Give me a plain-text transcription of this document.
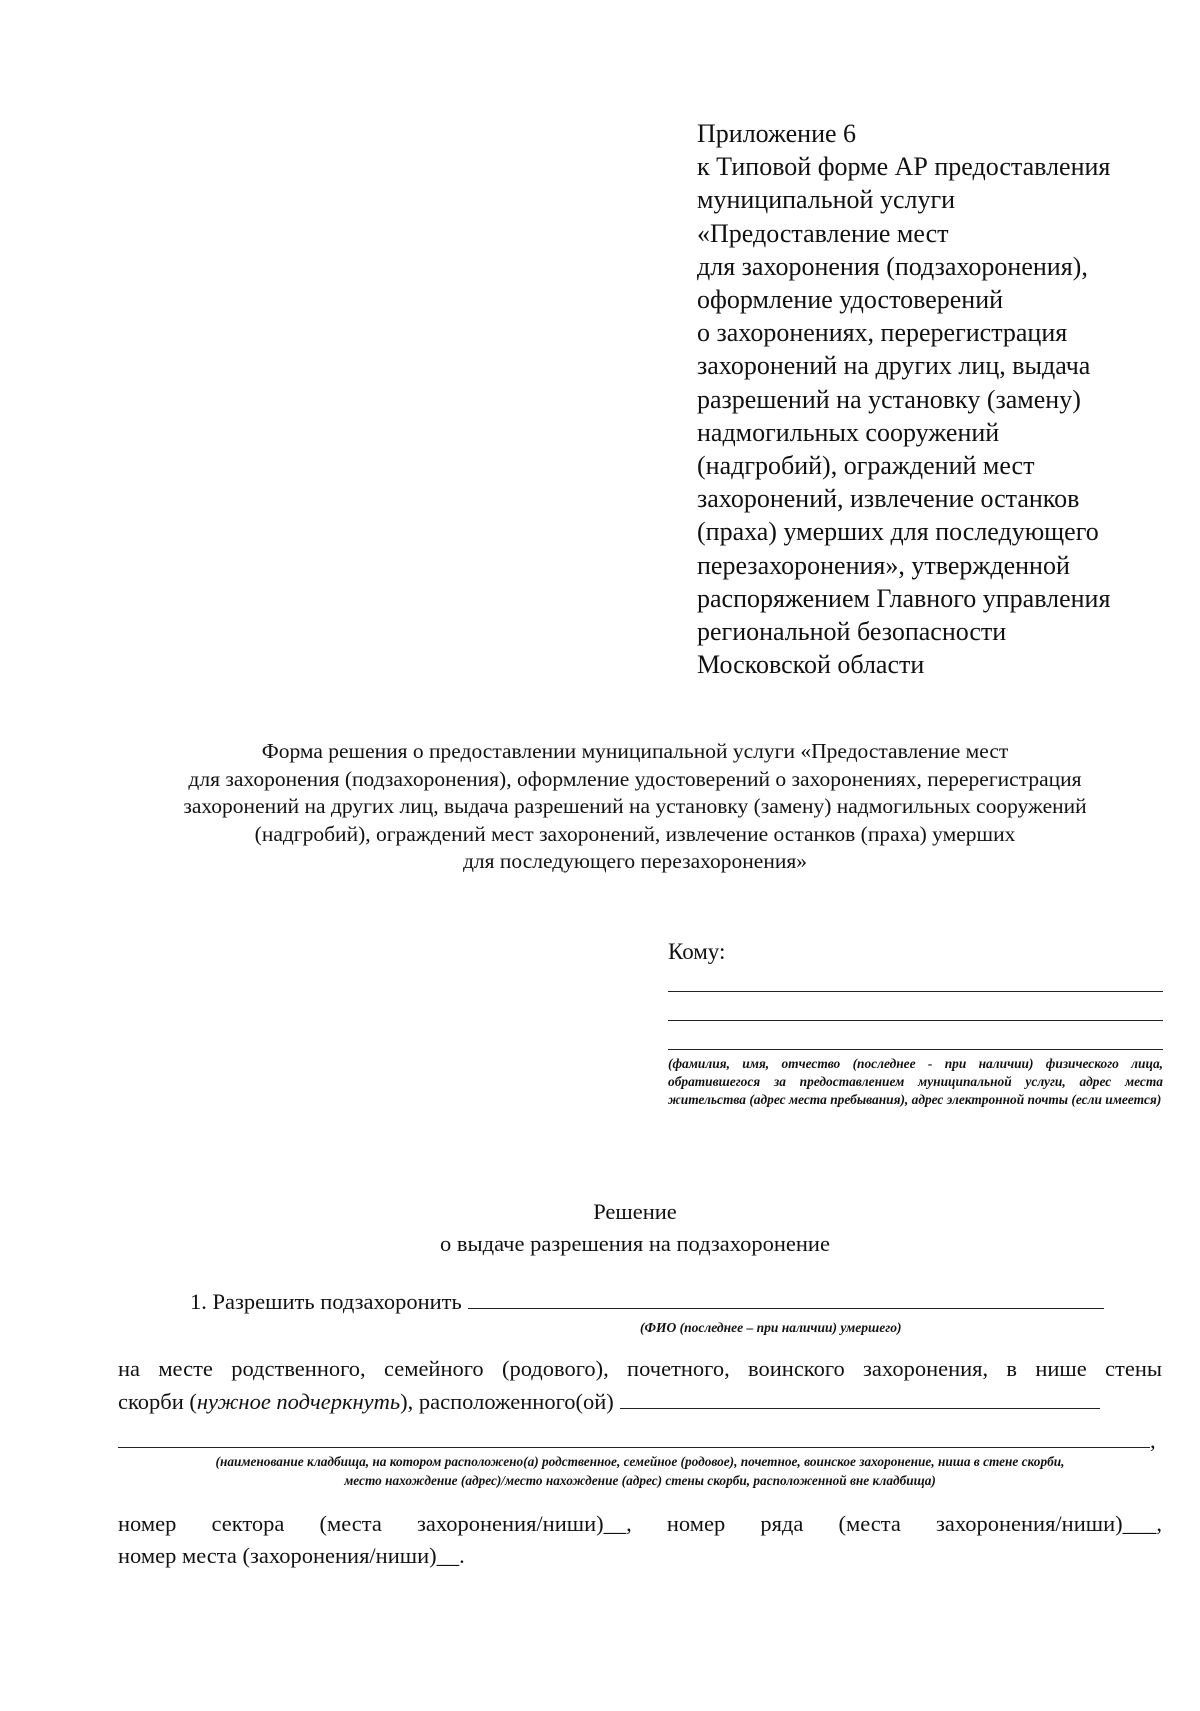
Приложение 6
к Типовой форме АР предоставления
муниципальной услуги
«Предоставление мест
для захоронения (подзахоронения),
оформление удостоверений
о захоронениях, перерегистрация
захоронений на других лиц, выдача
разрешений на установку (замену)
надмогильных сооружений
(надгробий), ограждений мест
захоронений, извлечение останков
(праха) умерших для последующего
перезахоронения», утвержденной
распоряжением Главного управления
региональной безопасности
Московской области
Форма решения о предоставлении муниципальной услуги «Предоставление мест
для захоронения (подзахоронения), оформление удостоверений о захоронениях, перерегистрация
захоронений на других лиц, выдача разрешений на установку (замену) надмогильных сооружений
(надгробий), ограждений мест захоронений, извлечение останков (праха) умерших
для последующего перезахоронения»
Кому:
(фамилия, имя, отчество (последнее - при наличии) физического лица, обратившегося за предоставлением муниципальной услуги, адрес места жительства (адрес места пребывания), адрес электронной почты (если имеется)
Решение
о выдаче разрешения на подзахоронение
1. Разрешить подзахоронить
(ФИО (последнее – при наличии) умершего)
на месте родственного, семейного (родового), почетного, воинского захоронения, в нише стены
скорби (нужное подчеркнуть), расположенного(ой)
,
(наименование кладбища, на котором расположено(а) родственное, семейное (родовое), почетное, воинское захоронение, ниша в стене скорби,
место нахождение (адрес)/место нахождение (адрес) стены скорби, расположенной вне кладбища)
номер сектора (места захоронения/ниши)__, номер ряда (места захоронения/ниши)___,
номер места (захоронения/ниши)__.
